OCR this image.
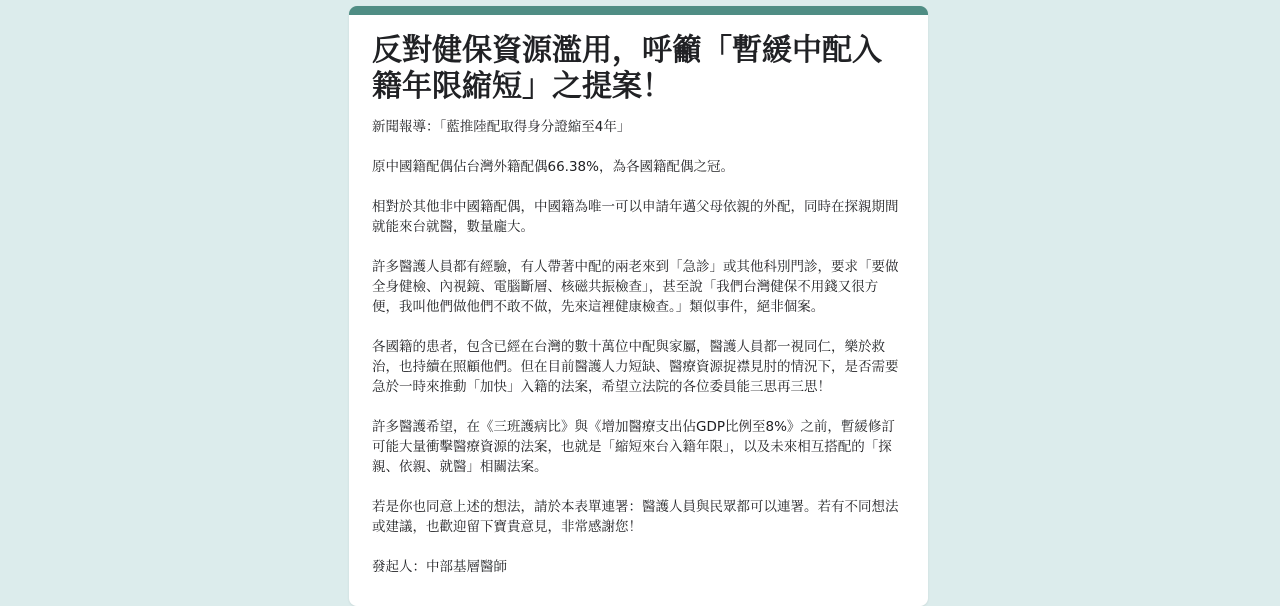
反對健保資源濫用，呼籲「暫緩中配入籍年限縮短」之提案！

新聞報導：「藍推陸配取得身分證縮至4年」

原中國籍配偶佔台灣外籍配偶66.38%，為各國籍配偶之冠。

相對於其他非中國籍配偶，中國籍為唯一可以申請年邁父母依親的外配，同時在探親期間就能來台就醫，數量龐大。

許多醫護人員都有經驗，有人帶著中配的兩老來到「急診」或其他科別門診，要求「要做全身健檢、內視鏡、電腦斷層、核磁共振檢查」，甚至說「我們台灣健保不用錢又很方便，我叫他們做他們不敢不做，先來這裡健康檢查。」類似事件，絕非個案。

各國籍的患者，包含已經在台灣的數十萬位中配與家屬，醫護人員都一視同仁，樂於救治，也持續在照顧他們。但在目前醫護人力短缺、醫療資源捉襟見肘的情況下，是否需要急於一時來推動「加快」入籍的法案，希望立法院的各位委員能三思再三思！

許多醫護希望，在《三班護病比》與《增加醫療支出佔GDP比例至8%》之前，暫緩修訂可能大量衝擊醫療資源的法案，也就是「縮短來台入籍年限」，以及未來相互搭配的「探親、依親、就醫」相關法案。

若是你也同意上述的想法，請於本表單連署：醫護人員與民眾都可以連署。若有不同想法或建議，也歡迎留下寶貴意見，非常感謝您！

發起人：中部基層醫師
